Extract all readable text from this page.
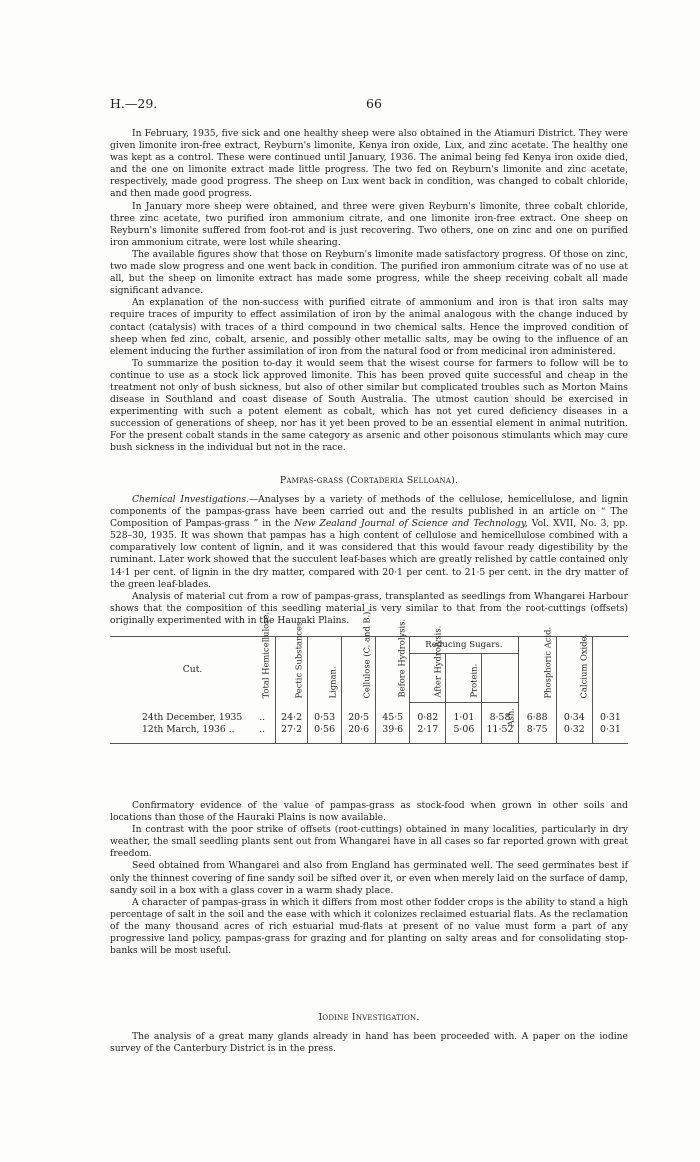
H.—29.	66

In February, 1935, five sick and one healthy sheep were also obtained in the Atiamuri District. They were given limonite iron-free extract, Reyburn's limonite, Kenya iron oxide, Lux, and zinc acetate. The healthy one was kept as a control. These were continued until January, 1936. The animal being fed Kenya iron oxide died, and the one on limonite extract made little progress. The two fed on Reyburn's limonite and zinc acetate, respectively, made good progress. The sheep on Lux went back in condition, was changed to cobalt chloride, and then made good progress.

In January more sheep were obtained, and three were given Reyburn's limonite, three cobalt chloride, three zinc acetate, two purified iron ammonium citrate, and one limonite iron-free extract. One sheep on Reyburn's limonite suffered from foot-rot and is just recovering. Two others, one on zinc and one on purified iron ammonium citrate, were lost while shearing.

The available figures show that those on Reyburn's limonite made satisfactory progress. Of those on zinc, two made slow progress and one went back in condition. The purified iron ammonium citrate was of no use at all, but the sheep on limonite extract has made some progress, while the sheep receiving cobalt all made significant advance.

An explanation of the non-success with purified citrate of ammonium and iron is that iron salts may require traces of impurity to effect assimilation of iron by the animal analogous with the change induced by contact (catalysis) with traces of a third compound in two chemical salts. Hence the improved condition of sheep when fed zinc, cobalt, arsenic, and possibly other metallic salts, may be owing to the influence of an element inducing the further assimilation of iron from the natural food or from medicinal iron administered.

To summarize the position to-day it would seem that the wisest course for farmers to follow will be to continue to use as a stock lick approved limonite. This has been proved quite successful and cheap in the treatment not only of bush sickness, but also of other similar but complicated troubles such as Morton Mains disease in Southland and coast disease of South Australia. The utmost caution should be exercised in experimenting with such a potent element as cobalt, which has not yet cured deficiency diseases in a succession of generations of sheep, nor has it yet been proved to be an essential element in animal nutrition. For the present cobalt stands in the same category as arsenic and other poisonous stimulants which may cure bush sickness in the individual but not in the race.

Pampas-grass (Cortaderia Selloana).

Chemical Investigations.—Analyses by a variety of methods of the cellulose, hemicellulose, and lignin components of the pampas-grass have been carried out and the results published in an article on “ The Composition of Pampas-grass ” in the New Zealand Journal of Science and Technology, Vol. XVII, No. 3, pp. 528–30, 1935. It was shown that pampas has a high content of cellulose and hemicellulose combined with a comparatively low content of lignin, and it was considered that this would favour ready digestibility by the ruminant. Later work showed that the succulent leaf-bases which are greatly relished by cattle contained only 14·1 per cent. of lignin in the dry matter, compared with 20·1 per cent. to 21·5 per cent. in the dry matter of the green leaf-blades.

Analysis of material cut from a row of pampas-grass, transplanted as seedlings from Whangarei Harbour shows that the composition of this seedling material is very similar to that from the root-cuttings (offsets) originally experimented with in the Hauraki Plains.

Cut.	Total Hemicellulose.	Pectic Substances.	Lignan.	Cellulose (C. and B.).	Reducing Sugars.			Ash.	Phosphoric Acid.	Calcium Oxide.

					Before Hydrolysis.	After Hydrolysis.	Protein.			

24th December, 1935 ..	24·2	0·53	20·5	45·5	0·82	1·01	8·58	6·88	0·34	0·31
12th March, 1936 .. ..	27·2	0·56	20·6	39·6	2·17	5·06	11·52	8·75	0·32	0·31

Confirmatory evidence of the value of pampas-grass as stock-food when grown in other soils and locations than those of the Hauraki Plains is now available.

In contrast with the poor strike of offsets (root-cuttings) obtained in many localities, particularly in dry weather, the small seedling plants sent out from Whangarei have in all cases so far reported grown with great freedom.

Seed obtained from Whangarei and also from England has germinated well. The seed germinates best if only the thinnest covering of fine sandy soil be sifted over it, or even when merely laid on the surface of damp, sandy soil in a box with a glass cover in a warm shady place.

A character of pampas-grass in which it differs from most other fodder crops is the ability to stand a high percentage of salt in the soil and the ease with which it colonizes reclaimed estuarial flats. As the reclamation of the many thousand acres of rich estuarial mud-flats at present of no value must form a part of any progressive land policy, pampas-grass for grazing and for planting on salty areas and for consolidating stop-banks will be most useful.

Iodine Investigation.

The analysis of a great many glands already in hand has been proceeded with. A paper on the iodine survey of the Canterbury District is in the press.
